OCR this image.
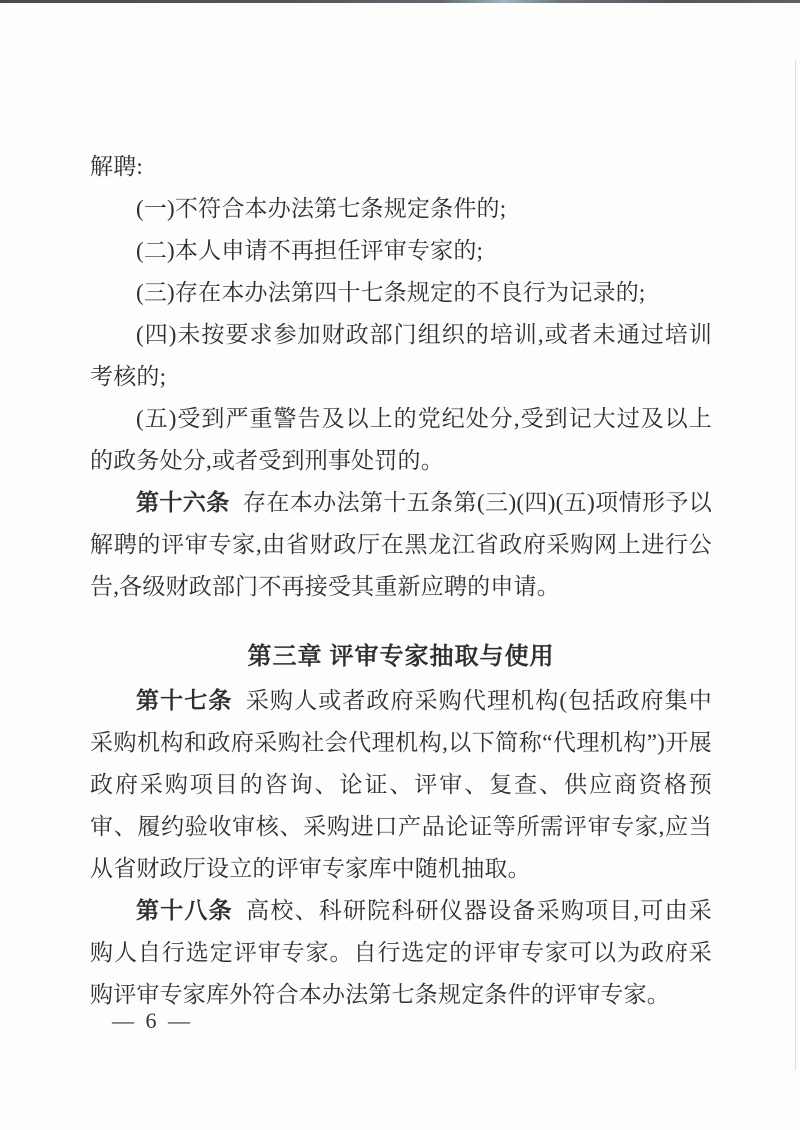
解聘:

(一)不符合本办法第七条规定条件的;

(二)本人申请不再担任评审专家的;

(三)存在本办法第四十七条规定的不良行为记录的;

(四)未按要求参加财政部门组织的培训,或者未通过培训考核的;

(五)受到严重警告及以上的党纪处分,受到记大过及以上的政务处分,或者受到刑事处罚的。

第十六条 存在本办法第十五条第(三)(四)(五)项情形予以解聘的评审专家,由省财政厅在黑龙江省政府采购网上进行公告,各级财政部门不再接受其重新应聘的申请。

第三章 评审专家抽取与使用

第十七条 采购人或者政府采购代理机构(包括政府集中采购机构和政府采购社会代理机构,以下简称“代理机构”)开展政府采购项目的咨询、论证、评审、复查、供应商资格预审、履约验收审核、采购进口产品论证等所需评审专家,应当从省财政厅设立的评审专家库中随机抽取。

第十八条 高校、科研院科研仪器设备采购项目,可由采购人自行选定评审专家。自行选定的评审专家可以为政府采购评审专家库外符合本办法第七条规定条件的评审专家。

— 6 —
